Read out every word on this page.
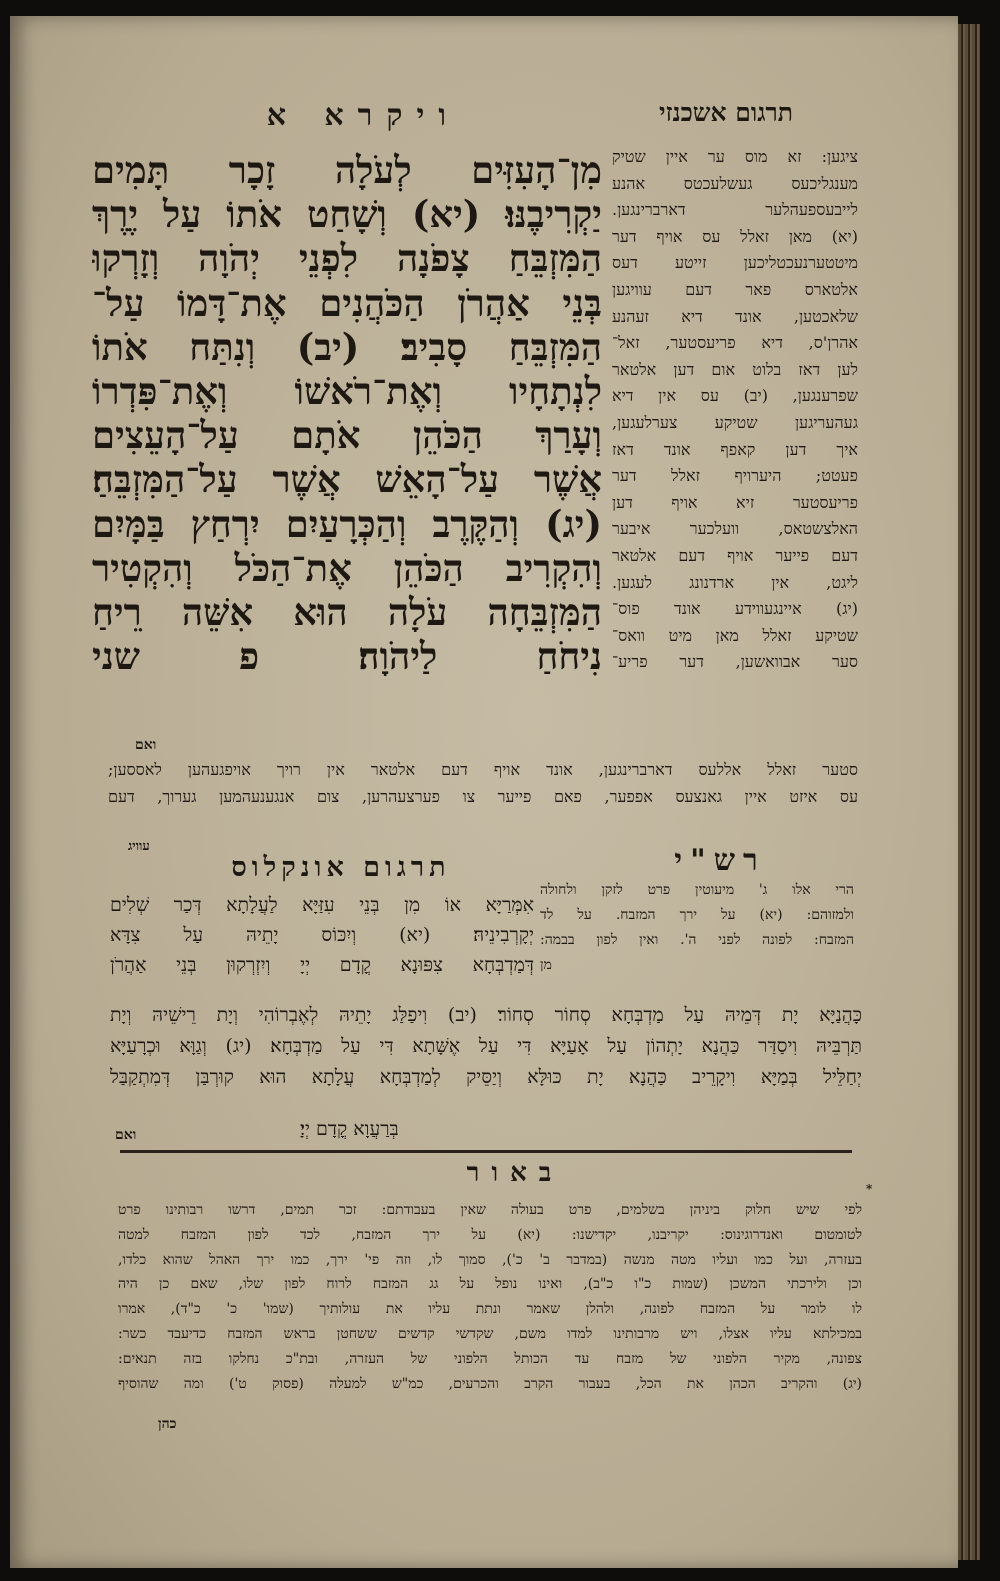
תרגום אשכנזי
ויקרא א
מִן־הָעִזִּים לְעֹלָה זָכָר תָּמִים
יַקְרִיבֶנּוּ׃ (יא) וְשָׁחַט אֹתוֹ עַל יֶרֶךְ
הַמִּזְבֵּחַ צָפֹנָה לִפְנֵי יְהֹוָה וְזָרְקוּ
בְּנֵי אַהֲרֹן הַכֹּהֲנִים אֶת־דָּמוֹ עַל־
הַמִּזְבֵּחַ סָבִיב׃ (יב) וְנִתַּח אֹתוֹ
לִנְתָחָיו וְאֶת־רֹאשׁוֹ וְאֶת־פִּדְרוֹ
וְעָרַךְ הַכֹּהֵן אֹתָם עַל־הָעֵצִים
אֲשֶׁר עַל־הָאֵשׁ אֲשֶׁר עַל־הַמִּזְבֵּחַ׃
(יג) וְהַקֶּרֶב וְהַכְּרָעַיִם יִרְחַץ בַּמָּיִם
וְהִקְרִיב הַכֹּהֵן אֶת־הַכֹּל וְהִקְטִיר
הַמִּזְבֵּחָה עֹלָה הוּא אִשֵּׁה רֵיחַ
נִיחֹחַ לַיהֹוָה׃ פ שני
ציגען: זא מוס ער איין שטיק
מענגליכעס געשלעכטס אהנע
לייבעספעהלער דארברינגען.
(יא) מאן זאלל עס אויף דער
מיטטערנעכטליכען זייטע דעס
אלטארס פאר דעם עוויגען
שלאכטען, אונד דיא זעהנע
אהרן'ס, דיא פריעסטער, זאל־
לען דאז בלוט אום דען אלטאר
שפרענגען, (יב) עס אין דיא
געהעריגען שטיקע צערלעגען,
איך דען קאפף אונד דאז
פעטט; היערויף זאלל דער
פריעסטער זיא אויף דען
האלצשטאס, וועלכער איבער
דעם פייער אויף דעם אלטאר
ליגט, אין ארדנונג לעגען.
(יג) איינגעווידע אונד פוס־
שטיקע זאלל מאן מיט וואס־
סער אבוואשען, דער פריע־
ואם
סטער זאלל אללעס דארברינגען, אונד אויף דעם אלטאר אין רויך אויפגעהען לאססען;
עס איזט איין גאנצעס אפפער, פאם פייער צו פערצעהרען, צום אנגענעהמען גערוך, דעם
עוויג	רש"י
תרגום אונקלוס
הרי אלו ג' מיעוטין פרט לזקן ולחולה
ולמזוהם: (יא) על ירך המזבח. על לד
המזבח: לפונה לפני ה'. ואין לפון בבמה:
מן
אִמְּרַיָּא אוֹ מִן בְּנֵי עִזַּיָּא לַעֲלָתָא דְּכַר שְׁלִים
יְקָרְבִינֵיהּ׃ (יא) וְיִכּוֹס יָתֵיהּ עַל צִדָּא
דְּמַדְבְּחָא צִפּוּנָא קֳדָם יְיָ וְיִזְרְקוּן בְּנֵי אַהֲרֹן
כָּהֲנַיָּא יָת דְּמֵיהּ עַל מַדְבְּחָא סְחוֹר סְחוֹר׃ (יב) וִיפַלַּג יָתֵיהּ לְאֶבְרוֹהִי וְיָת רֵישֵׁיהּ וְיָת
תַּרְבֵּיהּ וִיסַדַּר כַּהֲנָא יָתְהוֹן עַל אָעַיָּא דִּי עַל אֶשָּׁתָא דִּי עַל מַדְבְּחָא׃ (יג) וְגַוָּא וּכְרָעַיָּא
יְחַלֵּיל בְּמַיָּא וִיקָרֵיב כַּהֲנָא יָת כּוּלָּא וְיַסֵּיק לְמַדְבְּחָא עֲלָתָא הוּא קוּרְבַּן דְּמִתְקַבַּל
בְּרַעֲוָא קֳדָם יְיָ׃
ואם
באור
*
לפי שיש חלוק ביניהן בשלמים, פרט בעולה שאין בעבודתם: זכר תמים, דרשו רבותינו פרט
לטומטום ואנדרוגינוס: יקריבנו, יקדישנו: (יא) על ירך המזבח, לכד לפון המזבח למטה
בעזרה, ועל כמו ועליו מטה מנשה (במדבר ב' כ'), סמוך לו, וזה פי' ירך, כמו ירך האהל שהוא כלדו,
וכן ולירכתי המשכן (שמות כ"ו כ"ב), ואינו נופל על גג המזבח לרוח לפון שלו, שאם כן היה
לו לומר על המזבח לפונה, ולהלן שאמר ונתת עליו את עולותיך (שמו' כ' כ"ד), אמרו
במכילתא עליו אצלו, ויש מרבותינו למדו משם, שקדשי קדשים ששחטן בראש המזבח כדיעבד כשר:
צפונה, מקיר הלפוני של מזבח עד הכותל הלפוני של העזרה, ובת"כ נחלקו בזה תנאים:
(יג) והקריב הכהן את הכל, בעבור הקרב והכרעים, כמ"ש למעלה (פסוק ט') ומה שהוסיף
כהן
